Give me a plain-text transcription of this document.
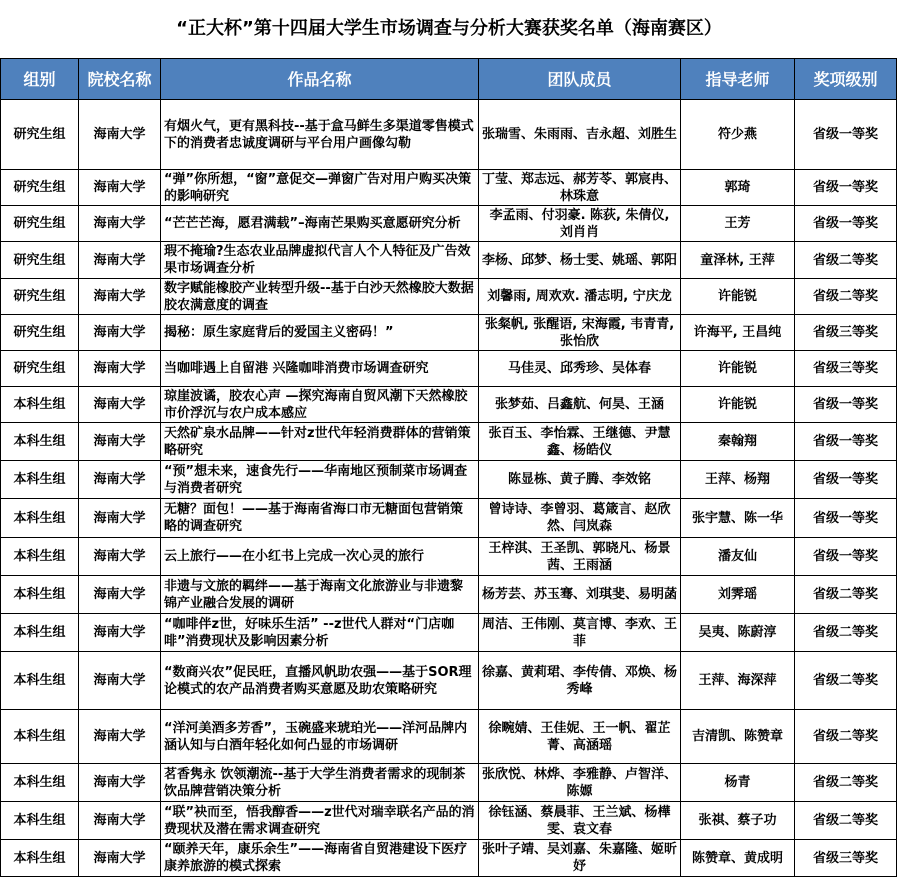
“正大杯”第十四届大学生市场调查与分析大赛获奖名单（海南赛区）
组别	院校名称	作品名称	团队成员	指导老师	奖项级别
研究生组	海南大学	有烟火气，更有黑科技--基于盒马鲜生多渠道零售模式下的消费者忠诚度调研与平台用户画像勾勒	张瑞雪、朱雨雨、吉永超、刘胜生	符少燕	省级一等奖
研究生组	海南大学	“弹”你所想，“窗”意促交—弹窗广告对用户购买决策的影响研究	丁莹、郑志远、郝芳苓、郭宸冉、林珠意	郭琦	省级一等奖
研究生组	海南大学	“芒芒芒海，愿君满载”–海南芒果购买意愿研究分析	李孟雨、付羽豪. 陈荻, 朱倩仪, 刘肖肖	王芳	省级一等奖
研究生组	海南大学	瑕不掩瑜?生态农业品牌虚拟代言人个人特征及广告效果市场调查分析	李杨、邱梦、杨士雯、姚瑶、郭阳	童泽林, 王萍	省级二等奖
研究生组	海南大学	数字赋能橡胶产业转型升级--基于白沙天然橡胶大数据胶农满意度的调查	刘馨雨, 周欢欢. 潘志明, 宁庆龙	许能锐	省级二等奖
研究生组	海南大学	揭秘：原生家庭背后的爱国主义密码！”	张粲帆, 张醒语, 宋海霞, 韦青青, 张怡欣	许海平, 王昌纯	省级三等奖
研究生组	海南大学	当咖啡遇上自留港 兴隆咖啡消费市场调查研究	马佳灵、邱秀珍、吴体春	许能锐	省级三等奖
本科生组	海南大学	琼崖波谲，胶农心声 —探究海南自贸风潮下天然橡胶市价浮沉与农户成本感应	张梦茹、吕鑫航、何昊、王涵	许能锐	省级一等奖
本科生组	海南大学	天然矿泉水品牌——针对z世代年轻消费群体的营销策略研究	张百玉、李怡霖、王继德、尹慧鑫、杨皓仪	秦翰翔	省级一等奖
本科生组	海南大学	“预”想未来，速食先行——华南地区预制菜市场调查与消费者研究	陈显栋、黄子腾、李效铭	王萍、杨翔	省级一等奖
本科生组	海南大学	无糖？面包！——基于海南省海口市无糖面包营销策略的调查研究	曾诗诗、李曾羽、葛箴言、赵欣然、闫岚森	张宇慧、陈一华	省级一等奖
本科生组	海南大学	云上旅行——在小红书上完成一次心灵的旅行	王梓淇、王圣凯、郭晓凡、杨景茜、王雨涵	潘友仙	省级一等奖
本科生组	海南大学	非遗与文旅的羁绊——基于海南文化旅游业与非遗黎锦产业融合发展的调研	杨芳芸、苏玉骞、刘琪斐、易明菡	刘霁瑶	省级二等奖
本科生组	海南大学	“咖啡伴z世，好味乐生活” --z世代人群对“门店咖啡”消费现状及影响因素分析	周洁、王伟刚、莫言博、李欢、王菲	吴夷、陈蔚淳	省级二等奖
本科生组	海南大学	“数商兴农”促民旺，直播风帆助农强——基于SOR理论模式的农产品消费者购买意愿及助农策略研究	徐嘉、黄莉珺、李传倩、邓焕、杨秀峰	王萍、海深萍	省级二等奖
本科生组	海南大学	“洋河美酒多芳香”，玉碗盛来琥珀光——洋河品牌内涵认知与白酒年轻化如何凸显的市场调研	徐畹婧、王佳妮、王一帆、翟芷菁、高涵瑶	吉清凯、陈赞章	省级二等奖
本科生组	海南大学	茗香隽永 饮领潮流--基于大学生消费者需求的现制茶饮品牌营销决策分析	张欣悦、林烨、李雅静、卢智洋、陈嫄	杨青	省级二等奖
本科生组	海南大学	“联”袂而至，悟我醇香——z世代对瑞幸联名产品的消费现状及潜在需求调查研究	徐钰涵、蔡晨菲、王兰斌、杨樺雯、袁文春	张祺、蔡子功	省级二等奖
本科生组	海南大学	“颐养天年，康乐余生”——海南省自贸港建设下医疗康养旅游的模式探索	张叶子靖、吴刘嘉、朱嘉隆、姬昕妤	陈赞章、黄成明	省级三等奖
